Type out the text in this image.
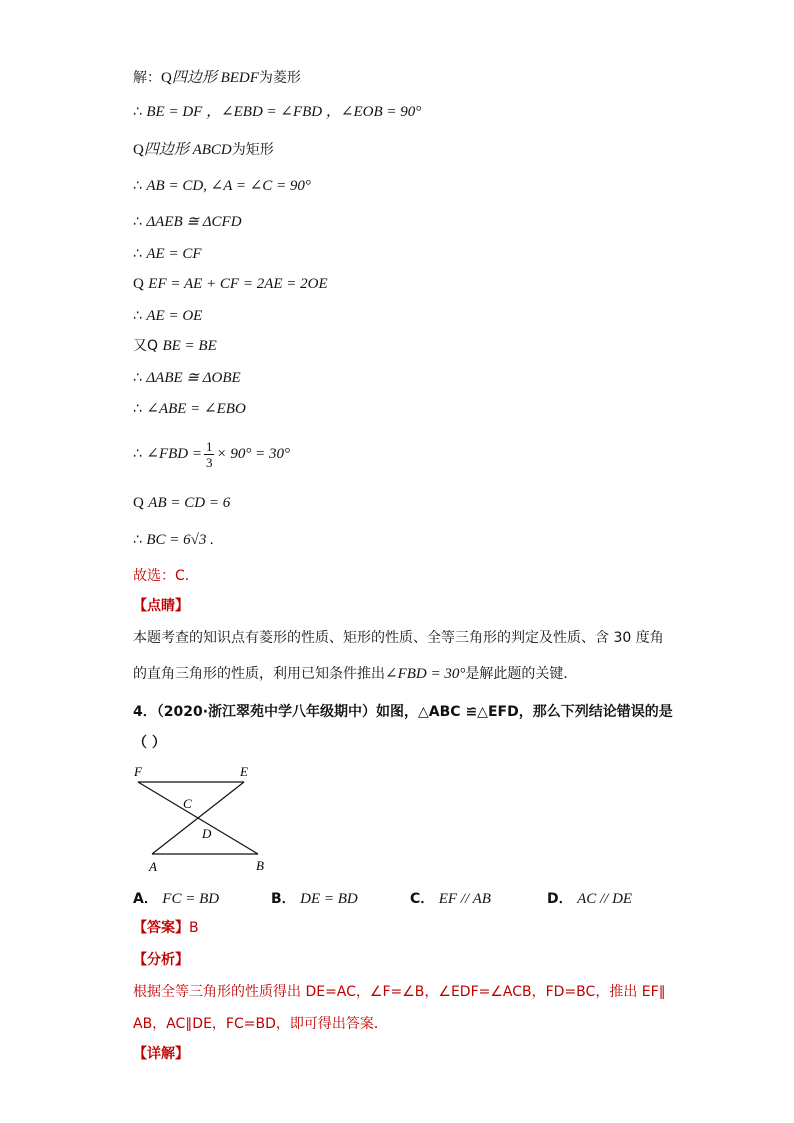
解：Q四边形 BEDF为菱形
∴ BE = DF ，∠EBD = ∠FBD ，∠EOB = 90°
Q四边形 ABCD为矩形
∴ AB = CD, ∠A = ∠C = 90°
∴ ΔAEB ≅ ΔCFD
∴ AE = CF
Q EF = AE + CF = 2AE = 2OE
∴ AE = OE
又Q BE = BE
∴ ΔABE ≅ ΔOBE
∴ ∠ABE = ∠EBO
∴ ∠FBD = $\frac{1}{3} \times 90^\circ = 30^\circ$
Q AB = CD = 6
∴ BC = 6√3 .
故选：C．
【点睛】
本题考查的知识点有菱形的性质、矩形的性质、全等三角形的判定及性质、含 30 度角
的直角三角形的性质，利用已知条件推出∠FBD = 30°是解此题的关键．
4．（2020·浙江翠苑中学八年级期中）如图，△ABC ≌△EFD，那么下列结论错误的是
（ ）
F	E
C
D
A	B
A． FC = BD	B． DE = BD	C． EF // AB	D． AC // DE
【答案】B
【分析】
根据全等三角形的性质得出 DE=AC，∠F=∠B，∠EDF=∠ACB，FD=BC，推出 EF∥
AB，AC∥DE，FC=BD，即可得出答案．
【详解】
